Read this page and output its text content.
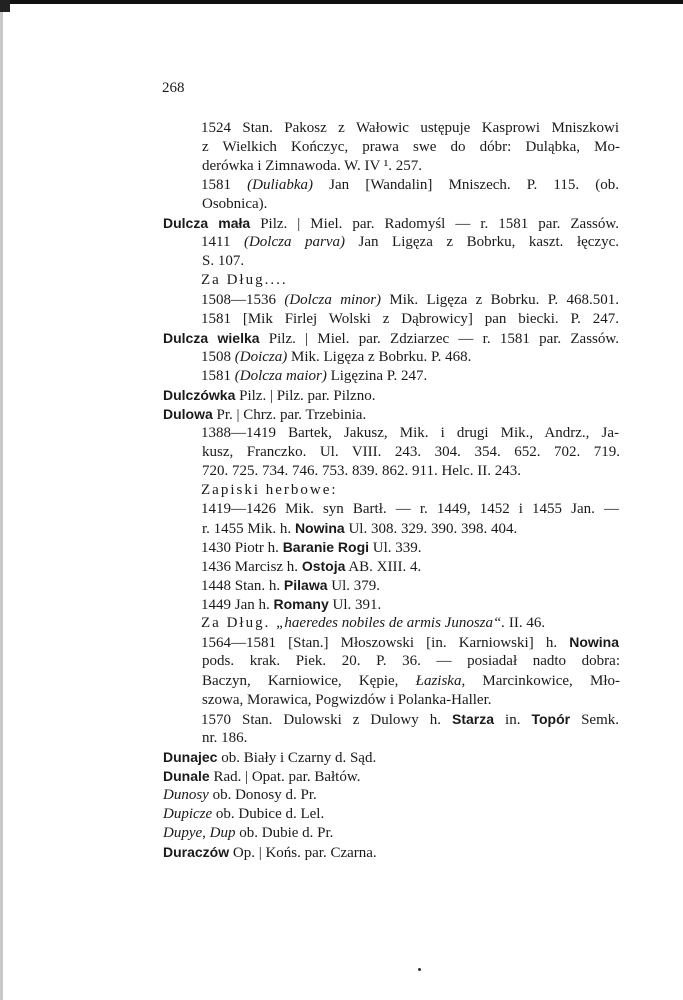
268
1524 Stan. Pakosz z Wałowic ustępuje Kasprowi Mniszkowi
z Wielkich Kończyc, prawa swe do dóbr: Duląbka, Mo-
derówka i Zimnawoda. W. IV ¹. 257.
1581 (Duliabka) Jan [Wandalin] Mniszech. P. 115. (ob.
Osobnica).
Dulcza mała Pilz. | Miel. par. Radomyśl — r. 1581 par. Zassów.
1411 (Dolcza parva) Jan Ligęza z Bobrku, kaszt. łęczyc.
S. 107.
Za Dług....
1508—1536 (Dolcza minor) Mik. Ligęza z Bobrku. P. 468.501.
1581 [Mik Firlej Wolski z Dąbrowicy] pan biecki. P. 247.
Dulcza wielka Pilz. | Miel. par. Zdziarzec — r. 1581 par. Zassów.
1508 (Doicza) Mik. Ligęza z Bobrku. P. 468.
1581 (Dolcza maior) Ligęzina P. 247.
Dulczówka Pilz. | Pilz. par. Pilzno.
Dulowa Pr. | Chrz. par. Trzebinia.
1388—1419 Bartek, Jakusz, Mik. i drugi Mik., Andrz., Ja-
kusz, Franczko. Ul. VIII. 243. 304. 354. 652. 702. 719.
720. 725. 734. 746. 753. 839. 862. 911. Helc. II. 243.
Zapiski herbowe:
1419—1426 Mik. syn Bartł. — r. 1449, 1452 i 1455 Jan. —
r. 1455 Mik. h. Nowina Ul. 308. 329. 390. 398. 404.
1430 Piotr h. Baranie Rogi Ul. 339.
1436 Marcisz h. Ostoja AB. XIII. 4.
1448 Stan. h. Pilawa Ul. 379.
1449 Jan h. Romany Ul. 391.
Za Dług. „haeredes nobiles de armis Junosza“. II. 46.
1564—1581 [Stan.] Młoszowski [in. Karniowski] h. Nowina
pods. krak. Piek. 20. P. 36. — posiadał nadto dobra:
Baczyn, Karniowice, Kępie, Łaziska, Marcinkowice, Mło-
szowa, Morawica, Pogwizdów i Polanka-Haller.
1570 Stan. Dulowski z Dulowy h. Starza in. Topór Semk.
nr. 186.
Dunajec ob. Biały i Czarny d. Sąd.
Dunale Rad. | Opat. par. Bałtów.
Dunosy ob. Donosy d. Pr.
Dupicze ob. Dubice d. Lel.
Dupye, Dup ob. Dubie d. Pr.
Duraczów Op. | Końs. par. Czarna.
